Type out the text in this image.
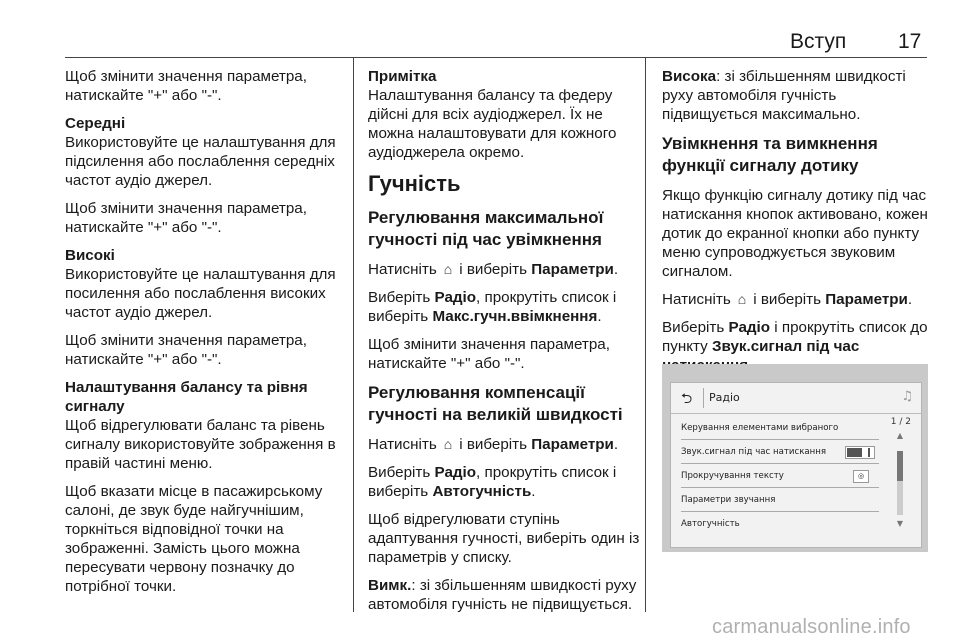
Вступ 17

Щоб змінити значення параметра, натискайте "+" або "-".

Середні

Використовуйте це налаштування для підсилення або послаблення середніх частот аудіо джерел.

Щоб змінити значення параметра, натискайте "+" або "-".

Високі

Використовуйте це налаштування для посилення або послаблення високих частот аудіо джерел.

Щоб змінити значення параметра, натискайте "+" або "-".

Налаштування балансу та рівня сигналу

Щоб відрегулювати баланс та рівень сигналу використовуйте зображення в правій частині меню.

Щоб вказати місце в пасажирському салоні, де звук буде найгучнішим, торкніться відповідної точки на зображенні. Замість цього можна пересувати червону позначку до потрібної точки.

Примітка

Налаштування балансу та федеру дійсні для всіх аудіоджерел. Їх не можна налаштовувати для кожного аудіоджерела окремо.

Гучність
Регулювання максимальної гучності під час увімкнення

Натисніть ⌂ і виберіть Параметри.

Виберіть Радіо, прокрутіть список і виберіть Макс.гучн.ввімкнення.

Щоб змінити значення параметра, натискайте "+" або "-".

Регулювання компенсації гучності на великій швидкості

Натисніть ⌂ і виберіть Параметри.

Виберіть Радіо, прокрутіть список і виберіть Автогучність.

Щоб відрегулювати ступінь адаптування гучності, виберіть один із параметрів у списку.

Вимк.: зі збільшенням швидкості руху автомобіля гучність не підвищується.

Висока: зі збільшенням швидкості руху автомобіля гучність підвищується максимально.

Увімкнення та вимкнення функції сигналу дотику

Якщо функцію сигналу дотику під час натискання кнопок активовано, кожен дотик до екранної кнопки або пункту меню супроводжується звуковим сигналом.

Натисніть ⌂ і виберіть Параметри.

Виберіть Радіо і прокрутіть список до пункту Звук.сигнал під час

⮌ Радіо	♫
1 / 2
▲
▼
Керування елементами вибраного
Звук.сигнал під час натискання
Прокручування тексту	◎
Параметри звучання
Автогучність
carmanualsonline.info
